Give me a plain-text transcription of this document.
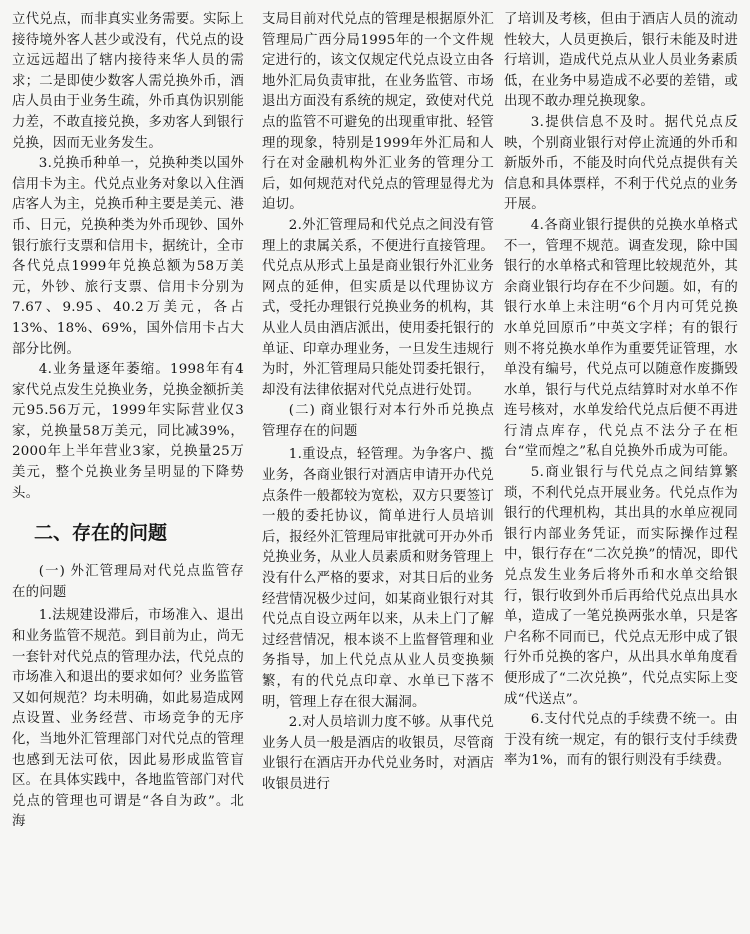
立代兑点，而非真实业务需要。实际上接待境外客人甚少或没有，代兑点的设立远远超出了辖内接待来华人员的需求；二是即使少数客人需兑换外币，酒店人员由于业务生疏，外币真伪识别能力差，不敢直接兑换，多劝客人到银行兑换，因而无业务发生。

3.兑换币种单一，兑换种类以国外信用卡为主。代兑点业务对象以入住酒店客人为主，兑换币种主要是美元、港币、日元，兑换种类为外币现钞、国外银行旅行支票和信用卡，据统计，全市各代兑点1999年兑换总额为58万美元，外钞、旅行支票、信用卡分别为7.67、9.95、40.2万美元，各占13%、18%、69%，国外信用卡占大部分比例。

4.业务量逐年萎缩。1998年有4家代兑点发生兑换业务，兑换金额折美元95.56万元，1999年实际营业仅3家，兑换量58万美元，同比减39%，2000年上半年营业3家，兑换量25万美元，整个兑换业务呈明显的下降势头。

二、存在的问题

(一) 外汇管理局对代兑点监管存在的问题

1.法规建设滞后，市场准入、退出和业务监管不规范。到目前为止，尚无一套针对代兑点的管理办法，代兑点的市场准入和退出的要求如何？业务监管又如何规范？均未明确，如此易造成网点设置、业务经营、市场竞争的无序化，当地外汇管理部门对代兑点的管理也感到无法可依，因此易形成监管盲区。在具体实践中，各地监管部门对代兑点的管理也可谓是“各自为政”。北海

支局目前对代兑点的管理是根据原外汇管理局广西分局1995年的一个文件规定进行的，该文仅规定代兑点设立由各地外汇局负责审批，在业务监管、市场退出方面没有系统的规定，致使对代兑点的监管不可避免的出现重审批、轻管理的现象，特别是1999年外汇局和人行在对金融机构外汇业务的管理分工后，如何规范对代兑点的管理显得尤为迫切。

2.外汇管理局和代兑点之间没有管理上的隶属关系，不便进行直接管理。代兑点从形式上虽是商业银行外汇业务网点的延伸，但实质是以代理协议方式，受托办理银行兑换业务的机构，其从业人员由酒店派出，使用委托银行的单证、印章办理业务，一旦发生违规行为时，外汇管理局只能处罚委托银行，却没有法律依据对代兑点进行处罚。

(二) 商业银行对本行外币兑换点管理存在的问题

1.重设点，轻管理。为争客户、揽业务，各商业银行对酒店申请开办代兑点条件一般都较为宽松，双方只要签订一般的委托协议，简单进行人员培训后，报经外汇管理局审批就可开办外币兑换业务，从业人员素质和财务管理上没有什么严格的要求，对其日后的业务经营情况极少过问，如某商业银行对其代兑点自设立两年以来，从未上门了解过经营情况，根本谈不上监督管理和业务指导，加上代兑点从业人员变换频繁，有的代兑点印章、水单已下落不明，管理上存在很大漏洞。

2.对人员培训力度不够。从事代兑业务人员一般是酒店的收银员，尽管商业银行在酒店开办代兑业务时，对酒店收银员进行

了培训及考核，但由于酒店人员的流动性较大，人员更换后，银行未能及时进行培训，造成代兑点从业人员业务素质低，在业务中易造成不必要的差错，或出现不敢办理兑换现象。

3.提供信息不及时。据代兑点反映，个别商业银行对停止流通的外币和新版外币，不能及时向代兑点提供有关信息和具体票样，不利于代兑点的业务开展。

4.各商业银行提供的兑换水单格式不一，管理不规范。调查发现，除中国银行的水单格式和管理比较规范外，其余商业银行均存在不少问题。如，有的银行水单上未注明“6个月内可凭兑换水单兑回原币”中英文字样；有的银行则不将兑换水单作为重要凭证管理，水单没有编号，代兑点可以随意作废撕毁水单，银行与代兑点结算时对水单不作连号核对，水单发给代兑点后便不再进行清点库存，代兑点不法分子在柜台“堂而煌之”私自兑换外币成为可能。

5.商业银行与代兑点之间结算繁琐，不利代兑点开展业务。代兑点作为银行的代理机构，其出具的水单应视同银行内部业务凭证，而实际操作过程中，银行存在“二次兑换”的情况，即代兑点发生业务后将外币和水单交给银行，银行收到外币后再给代兑点出具水单，造成了一笔兑换两张水单，只是客户名称不同而已，代兑点无形中成了银行外币兑换的客户，从出具水单角度看便形成了“二次兑换”，代兑点实际上变成“代送点”。

6.支付代兑点的手续费不统一。由于没有统一规定，有的银行支付手续费率为1%，而有的银行则没有手续费。
